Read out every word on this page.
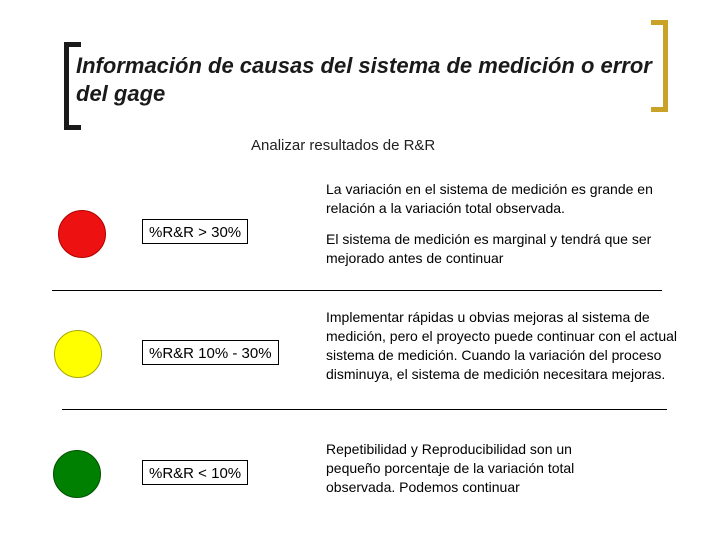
Información de causas del sistema de medición o error del gage

Analizar resultados de R&R

%R&R > 30%

La variación en el sistema de medición es grande en relación a la variación total observada.

El sistema de medición es marginal y tendrá que ser mejorado antes de continuar

%R&R 10% - 30%

Implementar rápidas u obvias mejoras al sistema de medición, pero el proyecto puede continuar con el actual sistema de medición. Cuando la variación del proceso disminuya, el sistema de medición necesitara mejoras.

%R&R < 10%

Repetibilidad y Reproducibilidad son un pequeño porcentaje de la variación total observada. Podemos continuar
